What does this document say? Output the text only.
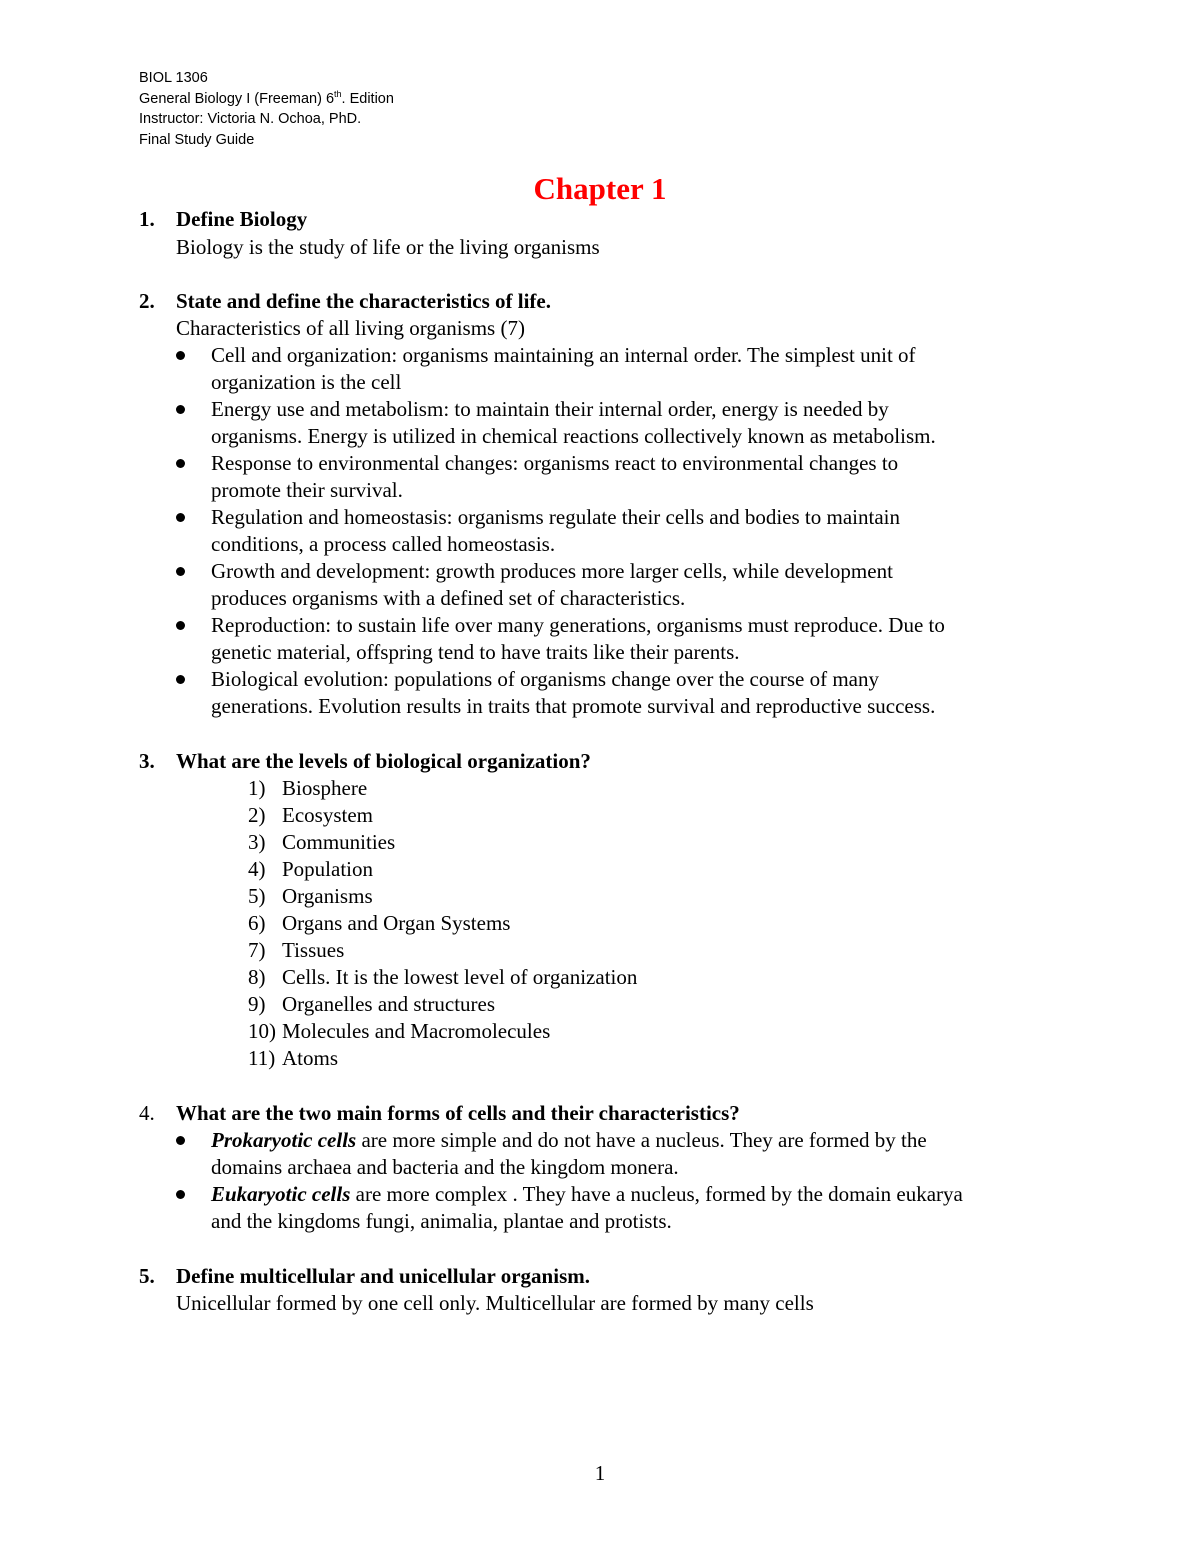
BIOL 1306
General Biology I (Freeman) 6th. Edition
Instructor: Victoria N. Ochoa, PhD.
Final Study Guide
Chapter 1
1. Define Biology
Biology is the study of life or the living organisms
2. State and define the characteristics of life.
Characteristics of all living organisms (7)
Cell and organization: organisms maintaining an internal order. The simplest unit of
organization is the cell
Energy use and metabolism: to maintain their internal order, energy is needed by
organisms. Energy is utilized in chemical reactions collectively known as metabolism.
Response to environmental changes: organisms react to environmental changes to
promote their survival.
Regulation and homeostasis: organisms regulate their cells and bodies to maintain
conditions, a process called homeostasis.
Growth and development: growth produces more larger cells, while development
produces organisms with a defined set of characteristics.
Reproduction: to sustain life over many generations, organisms must reproduce. Due to
genetic material, offspring tend to have traits like their parents.
Biological evolution: populations of organisms change over the course of many
generations. Evolution results in traits that promote survival and reproductive success.
3. What are the levels of biological organization?
1) Biosphere
2) Ecosystem
3) Communities
4) Population
5) Organisms
6) Organs and Organ Systems
7) Tissues
8) Cells. It is the lowest level of organization
9) Organelles and structures
10) Molecules and Macromolecules
11) Atoms
4. What are the two main forms of cells and their characteristics?
Prokaryotic cells are more simple and do not have a nucleus. They are formed by the
domains archaea and bacteria and the kingdom monera.
Eukaryotic cells are more complex . They have a nucleus, formed by the domain eukarya
and the kingdoms fungi, animalia, plantae and protists.
5. Define multicellular and unicellular organism.
Unicellular formed by one cell only. Multicellular are formed by many cells
1
